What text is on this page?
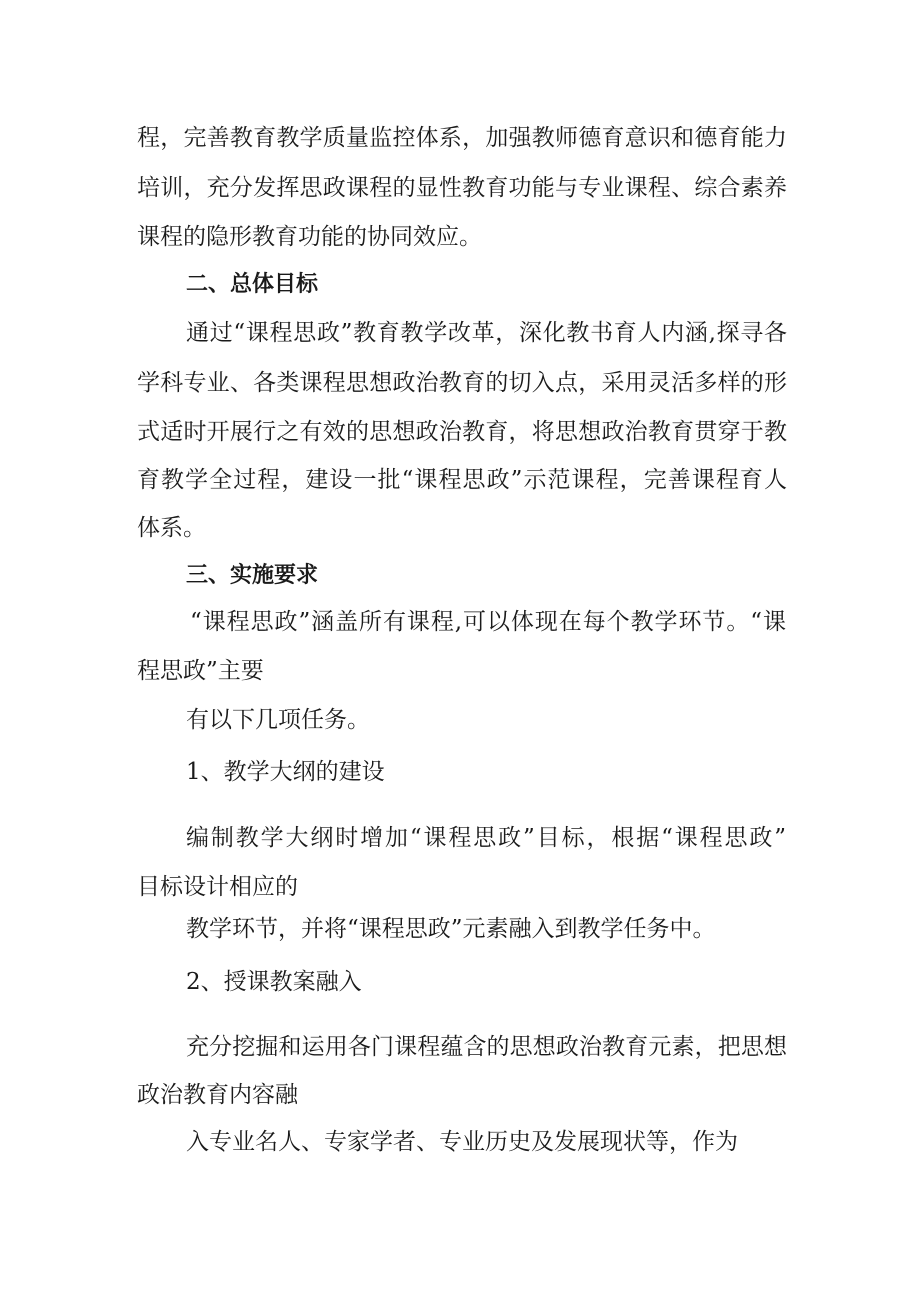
程，完善教育教学质量监控体系，加强教师德育意识和德育能力
培训，充分发挥思政课程的显性教育功能与专业课程、综合素养
课程的隐形教育功能的协同效应。
二、总体目标
通过“课程思政”教育教学改革，深化教书育人内涵,探寻各
学科专业、各类课程思想政治教育的切入点，采用灵活多样的形
式适时开展行之有效的思想政治教育，将思想政治教育贯穿于教
育教学全过程，建设一批“课程思政”示范课程，完善课程育人
体系。
三、实施要求
“课程思政”涵盖所有课程,可以体现在每个教学环节。“课
程思政”主要
有以下几项任务。
1、教学大纲的建设
编制教学大纲时增加“课程思政”目标，根据“课程思政”
目标设计相应的
教学环节，并将“课程思政”元素融入到教学任务中。
2、授课教案融入
充分挖掘和运用各门课程蕴含的思想政治教育元素，把思想
政治教育内容融
入专业名人、专家学者、专业历史及发展现状等，作为
